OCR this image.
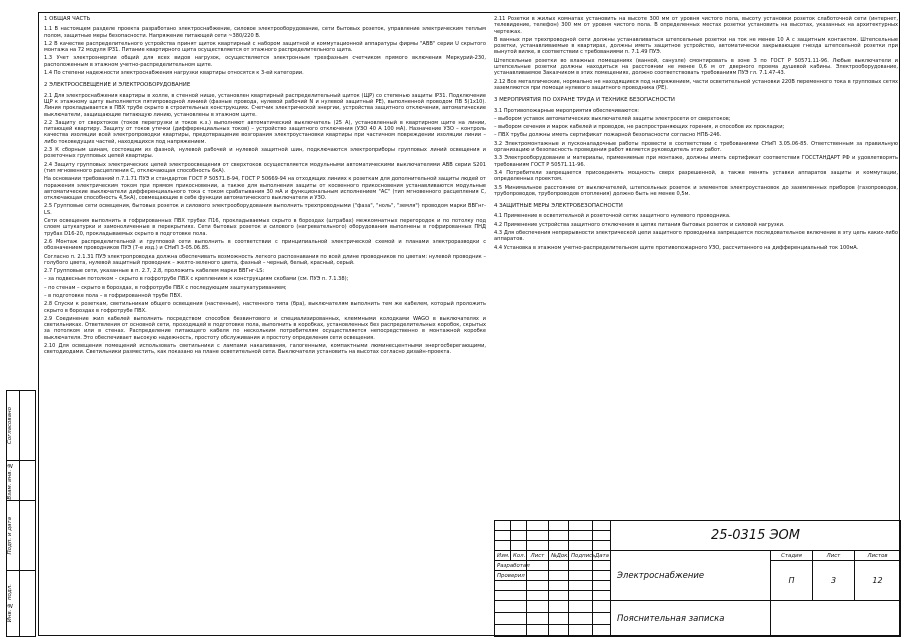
1 ОБЩАЯ ЧАСТЬ

1.1 В настоящем разделе проекта разработано электроснабжение, силовое электрооборудование, сети бытовых розеток, управление электрическим теплым полом, защитные меры безопасности. Напряжение питающей сети ~380/220 В.

1.2 В качестве распределительного устройства принят щиток квартирный с набором защитной и коммутационной аппаратуры фирмы "АВВ" серии U скрытого монтажа на 72 модуля IP31. Питание квартирного щита осуществляется от этажного распределительного щита.

1.3 Учет электроэнергии общий для всех видов нагрузок, осуществляется электронным трехфазным счетчиком прямого включения Меркурий-230, расположенным в этажном учетно-распределительном щите.

1.4 По степени надежности электроснабжения нагрузки квартиры относятся к 3-ей категории.

2 ЭЛЕКТРООСВЕЩЕНИЕ И ЭЛЕКТРООБОРУДОВАНИЕ

2.1 Для электроснабжения квартиры в холле, в стенной нише, установлен квартирный распределительный щиток (ЩР) со степенью защиты IP31. Подключение ЩР к этажному щиту выполняется пятипроводной линией (фазные провода, нулевой рабочий N и нулевой защитный PE), выполненной проводом ПВ 5(1х10). Линия прокладывается в ПВХ трубе скрыто в строительных конструкциях. Счетчик электрической энергии, устройства защитного отключения, автоматические выключатели, защищающие питающую линию, установлены в этажном щите.

2.2 Защиту от сверхтоков (токов перегрузки и токов к.з.) выполняют автоматический выключатель (25 А), установленный в квартирном щите на линии, питающей квартиру. Защиту от токов утечки (дифференциальных токов) – устройство защитного отключения (УЗО 40 А 100 мА). Назначение УЗО – контроль качества изоляции всей электропроводки квартиры, предотвращение возгорания электроустановки квартиры при частичном повреждении изоляции линии – либо токоведущих частей, находящихся под напряжением.

2.3 К сборным шинам, состоящим из фазной, нулевой рабочей и нулевой защитной шин, подключаются электроприборы групповых линий освещения и розеточных групповых цепей квартиры.

2.4 Защиту групповых электрических цепей электроосвещения от сверхтоков осуществляется модульными автоматическими выключателями АВВ серии S201 (тип мгновенного расцепления С, отключающая способность 6кА).

На основании требований п.7.1.71 ПУЭ и стандартов ГОСТ Р 50571.8-94, ГОСТ Р 50669-94 на отходящих линиях к розеткам для дополнительной защиты людей от поражения электрическим током при прямом прикосновении, а также для выполнения защиты от косвенного прикосновения устанавливаются модульные автоматические выключатели дифференциального тока с током срабатывания 30 мА и функциональным исполнением "АС" (тип мгновенного расцепления С, отключающая способность 4,5кА), совмещающие в себе функции автоматического выключателя и УЗО.

2.5 Групповые сети освещения, бытовых розеток и силового электрооборудования выполнить трехпроводными ("фаза", "ноль", "земля") проводом марки ВВГнг-LS.

Сети освещения выполнить в гофрированных ПВХ трубах П16, прокладываемых скрыто в бороздах (штрабах) межкомнатных перегородок и по потолку под слоем штукатурки и замоноличенные в перекрытиях. Сети бытовых розеток и силового (нагревательного) оборудования выполнены в гофрированных ПНД трубах D16-20, прокладываемых скрыто в подготовке пола.

2.6 Монтаж распределительной и групповой сети выполнить в соответствии с принципиальной электрической схемой и планами электроразводки с обозначением проводников ПУЭ (7-е изд.) и СНиП 3-05.06.85.

Согласно п. 2.1.31 ПУЭ электропроводка должна обеспечивать возможность легкого распознавания по всей длине проводников по цветам: нулевой проводник – голубого цвета, нулевой защитный проводник – желто-зеленого цвета, фазный – черный, белый, красный, серый.

2.7 Групповые сети, указанные в п. 2.7, 2.8, проложить кабелем марки ВВГнг-LS:

– за подвесным потолком – скрыто в гофротрубе ПВХ с креплением к конструкциям скобами (см. ПУЭ п. 7.1.38);

– по стенам – скрыто в бороздах, в гофротрубе ПВХ с последующим заштукатуриванием;

– в подготовке пола – в гофрированной трубе ПВХ.

2.8 Спуски к розеткам, светильникам общего освещения (настенным), настенного типа (бра), выключателям выполнить тем же кабелем, который проложить скрыто в бороздах в гофротрубе ПВХ.

2.9 Соединение жил кабелей выполнить посредством способов безвинтового и специализированных, клеммными колодками WAGO в выключателях и светильниках. Ответвления от основной сети, проходящей в подготовке пола, выполнить в коробках, установленных без распределительных коробок, скрытых за потолком или в стенах. Распределение питающего кабеля по нескольким потребителям осуществляется непосредственно в монтажной коробке выключателя. Это обеспечивает высокую надежность, простоту обслуживания и простоту определения сети освещения.

2.10 Для освещения помещений использовать светильники с лампами накаливания, галогенными, компактными люминесцентными энергосберегающими, светодиодами. Светильники разместить, как показано на плане осветительной сети. Выключатели установить на высотах согласно дизайн-проекта.

2.11 Розетки в жилых комнатах установить на высоте 300 мм от уровня чистого пола, высоту установки розеток слаботочной сети (интернет, телевидение, телефон) 300 мм от уровня чистого пола. В определенных местах розетки установить на высотах, указанных на архитектурных чертежах.

В ванных при трехпроводной сети должны устанавливаться штепсельные розетки на ток не менее 10 А с защитным контактом. Штепсельные розетки, устанавливаемые в квартирах, должны иметь защитное устройство, автоматически закрывающее гнезда штепсельной розетки при вынутой вилке, в соответствии с требованиями п. 7.1.49 ПУЭ.

Штепсельные розетки во влажных помещениях (ванной, санузле) смонтировать в зоне 3 по ГОСТ Р 50571.11-96. Любые выключатели и штепсельные розетки должны находиться на расстоянии не менее 0,6 м от дверного проема душевой кабины. Электрооборудование, устанавливаемое Заказчиком в этих помещениях, должно соответствовать требованиям ПУЭ гл. 7.1.47-43.

2.12 Все металлические, нормально не находящиеся под напряжением, части осветительной установки 220В переменного тока в групповых сетях заземляются при помощи нулевого защитного проводника (PE).

3 МЕРОПРИЯТИЯ ПО ОХРАНЕ ТРУДА И ТЕХНИКЕ БЕЗОПАСНОСТИ

3.1 Противопожарные мероприятия обеспечиваются:

– выбором уставок автоматических выключателей защиты электросети от сверхтоков;

– выбором сечения и марок кабелей и проводов, не распространяющих горения, и способов их прокладки;

– ПВХ трубы должны иметь сертификат пожарной безопасности согласно НПБ-246.

3.2 Электромонтажные и пусконаладочные работы провести в соответствии с требованиями СНиП 3.05.06-85. Ответственным за правильную организацию и безопасность проведения работ является руководитель этих работ.

3.3 Электрооборудование и материалы, применяемые при монтаже, должны иметь сертификат соответствия ГОССТАНДАРТ РФ и удовлетворять требованиям ГОСТ Р 50571.11-96.

3.4 Потребители запрещается присоединять мощность сверх разрешенной, а также менять уставки аппаратов защиты и коммутации, определенных проектом.

3.5 Минимальное расстояние от выключателей, штепсельных розеток и элементов электроустановок до заземленных приборов (газопроводов, трубопроводов, трубопроводов отопления) должно быть не менее 0,5м.

4 ЗАЩИТНЫЕ МЕРЫ ЭЛЕКТРОБЕЗОПАСНОСТИ

4.1 Применение в осветительной и розеточной сетях защитного нулевого проводника.

4.2 Применение устройства защитного отключения в цепях питания бытовых розеток и силовой нагрузки.

4.3 Для обеспечения непрерывности электрической цепи защитного проводника запрещается последовательное включение в эту цепь каких-либо аппаратов.

4.4 Установка в этажном учетно-распределительном щите противопожарного УЗО, рассчитанного на дифференциальный ток 100мА.

Согласовано	

Взам. инв. №	

Подп. и дата	

Инв. № подл.	

						25-0315 ЭОМ			

Изм.	Кол.	Лист	№Док.	Подпись	Дата	Электроснабжение	Стадия	Лист	Листов
Разработал							П	3	12
Проверил									

						Пояснительная записка			
